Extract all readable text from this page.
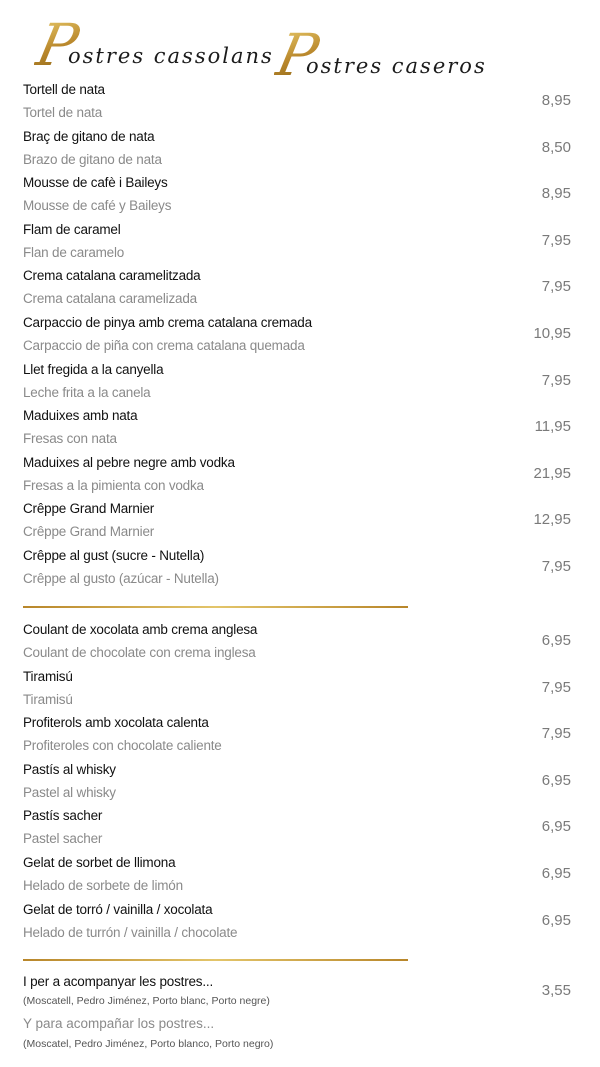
P
ostres cassolans
P
ostres caseros
Tortell de nata
Tortel de nata
8,95
Braç de gitano de nata
Brazo de gitano de nata
8,50
Mousse de cafè i Baileys
Mousse de café y Baileys
8,95
Flam de caramel
Flan de caramelo
7,95
Crema catalana caramelitzada
Crema catalana caramelizada
7,95
Carpaccio de pinya amb crema catalana cremada
Carpaccio de piña con crema catalana quemada
10,95
Llet fregida a la canyella
Leche frita a la canela
7,95
Maduixes amb nata
Fresas con nata
11,95
Maduixes al pebre negre amb vodka
Fresas a la pimienta con vodka
21,95
Crêppe Grand Marnier
Crêppe Grand Marnier
12,95
Crêppe al gust (sucre - Nutella)
Crêppe al gusto (azúcar - Nutella)
7,95
Coulant de xocolata amb crema anglesa
Coulant de chocolate con crema inglesa
6,95
Tiramisú
Tiramisú
7,95
Profiterols amb xocolata calenta
Profiteroles con chocolate caliente
7,95
Pastís al whisky
Pastel al whisky
6,95
Pastís sacher
Pastel sacher
6,95
Gelat de sorbet de llimona
Helado de sorbete de limón
6,95
Gelat de torró / vainilla / xocolata
Helado de turrón / vainilla / chocolate
6,95
I per a acompanyar les postres...
(Moscatell, Pedro Jiménez, Porto blanc, Porto negre)
Y para acompañar los postres...
(Moscatel, Pedro Jiménez, Porto blanco, Porto negro)
3,55
